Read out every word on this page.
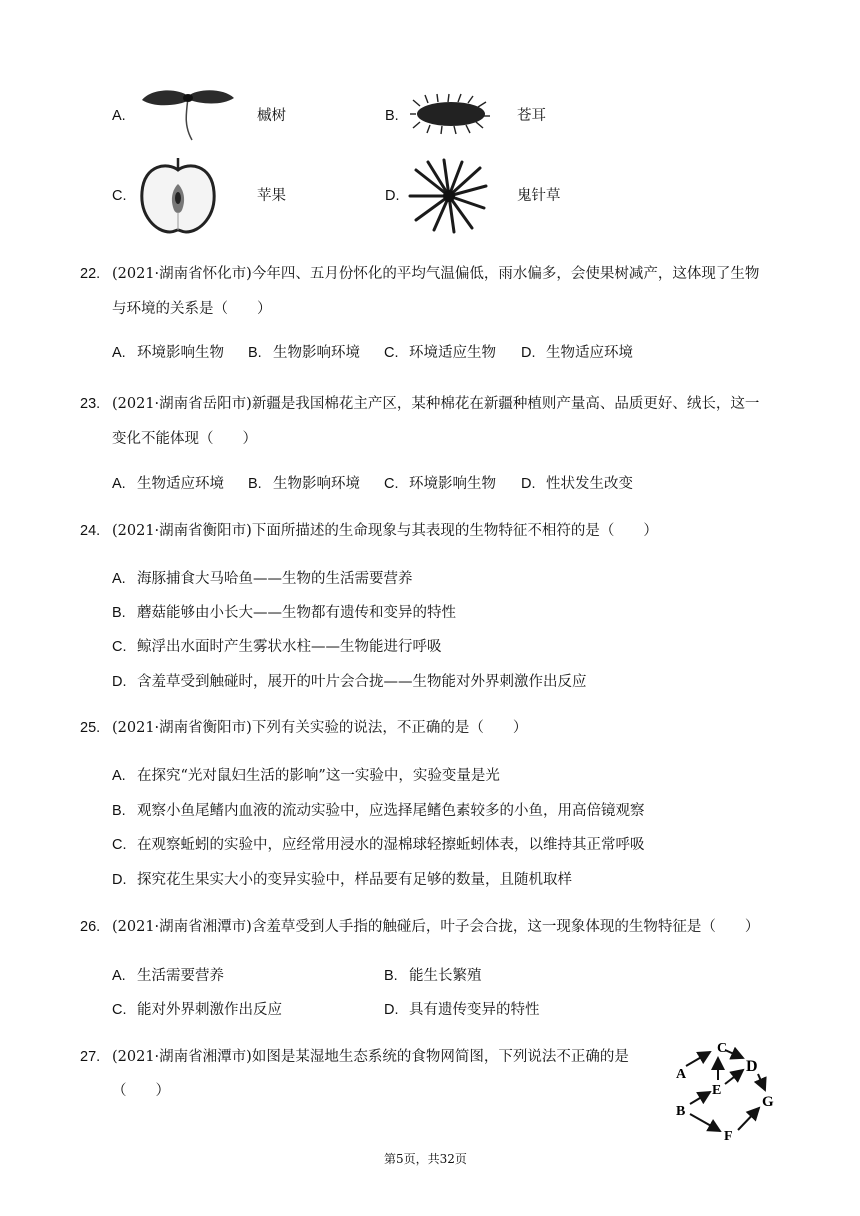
A.	槭树	B.	苍耳
C.	苹果	D.	鬼针草
22. (2021·湖南省怀化市)今年四、五月份怀化的平均气温偏低，雨水偏多，会使果树减产，这体现了生物
与环境的关系是（　　）
A. 环境影响生物 B. 生物影响环境 C. 环境适应生物 D. 生物适应环境
23. (2021·湖南省岳阳市)新疆是我国棉花主产区，某种棉花在新疆种植则产量高、品质更好、绒长，这一
变化不能体现（　　）
A. 生物适应环境 B. 生物影响环境 C. 环境影响生物 D. 性状发生改变
24. (2021·湖南省衡阳市)下面所描述的生命现象与其表现的生物特征不相符的是（　　）
A. 海豚捕食大马哈鱼——生物的生活需要营养
B. 蘑菇能够由小长大——生物都有遗传和变异的特性
C. 鲸浮出水面时产生雾状水柱——生物能进行呼吸
D. 含羞草受到触碰时，展开的叶片会合拢——生物能对外界刺激作出反应
25. (2021·湖南省衡阳市)下列有关实验的说法，不正确的是（　　）
A. 在探究“光对鼠妇生活的影响”这一实验中，实验变量是光
B. 观察小鱼尾鳍内血液的流动实验中，应选择尾鳍色素较多的小鱼，用高倍镜观察
C. 在观察蚯蚓的实验中，应经常用浸水的湿棉球轻擦蚯蚓体表，以维持其正常呼吸
D. 探究花生果实大小的变异实验中，样品要有足够的数量，且随机取样
26. (2021·湖南省湘潭市)含羞草受到人手指的触碰后，叶子会合拢，这一现象体现的生物特征是（　　）
A. 生活需要营养	B. 能生长繁殖
C. 能对外界刺激作出反应	D. 具有遗传变异的特性
27. (2021·湖南省湘潭市)如图是某湿地生态系统的食物网简图，下列说法不正确的是
（　　）
C
A	D
E
B
G
F
第5页，共32页
